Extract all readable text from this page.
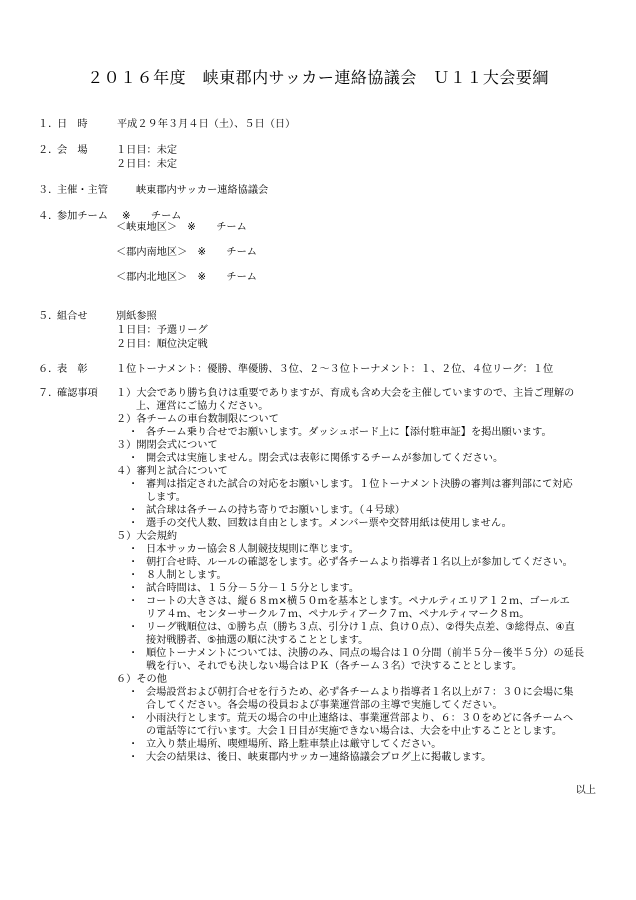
２０１６年度　峡東郡内サッカー連絡協議会　Ｕ１１大会要綱
１．
日　時	平成２９年３月４日（土）、５日（日）
２．
会　場	１日目：未定
２日目：未定
３．
主催・主管	峡東郡内サッカー連絡協議会
４．
参加チーム ※　　チーム
＜峡東地区＞　※　　チーム
＜郡内南地区＞　※　　チーム
＜郡内北地区＞　※　　チーム
５．
組合せ	別紙参照
１日目：予選リーグ
２日目：順位決定戦
６．
表　彰	１位トーナメント：優勝、準優勝、３位、２～３位トーナメント：１、２位、４位リーグ：１位
７．
確認事項 １）大会であり勝ち負けは重要でありますが、育成も含め大会を主催していますので、主旨ご理解の
上、運営にご協力ください。
２）各チームの車台数制限について
・ 各チーム乗り合せでお願いします。ダッシュボード上に【添付駐車証】を掲出願います。
３）開閉会式について
・ 開会式は実施しません。閉会式は表彰に関係するチームが参加してください。
４）審判と試合について
・ 審判は指定された試合の対応をお願いします。１位トーナメント決勝の審判は審判部にて対応
します。
・ 試合球は各チームの持ち寄りでお願いします。（４号球）
・ 選手の交代人数、回数は自由とします。メンバー票や交替用紙は使用しません。
５）大会規約
・ 日本サッカー協会８人制競技規則に準じます。
・ 朝打合せ時、ルールの確認をします。必ず各チームより指導者１名以上が参加してください。
・ ８人制とします。
・ 試合時間は、１５分－５分－１５分とします。
・ コートの大きさは、縦６８ｍ×横５０ｍを基本とします。ペナルティエリア１２ｍ、ゴールエ
リア４ｍ、センターサークル７ｍ、ペナルティアーク７ｍ、ペナルティマーク８ｍ。
・ リーグ戦順位は、①勝ち点（勝ち３点、引分け１点、負け０点）、②得失点差、③総得点、④直
接対戦勝者、⑤抽選の順に決することとします。
・ 順位トーナメントについては、決勝のみ、同点の場合は１０分間（前半５分－後半５分）の延長
戦を行い、それでも決しない場合はＰＫ（各チーム３名）で決することとします。
６）その他
・ 会場設営および朝打合せを行うため、必ず各チームより指導者１名以上が７：３０に会場に集
合してください。各会場の役員および事業運営部の主導で実施してください。
・ 小雨決行とします。荒天の場合の中止連絡は、事業運営部より、６：３０をめどに各チームへ
の電話等にて行います。大会１日目が実施できない場合は、大会を中止することとします。
・ 立入り禁止場所、喫煙場所、路上駐車禁止は厳守してください。
・ 大会の結果は、後日、峡東郡内サッカー連絡協議会ブログ上に掲載します。
以上
